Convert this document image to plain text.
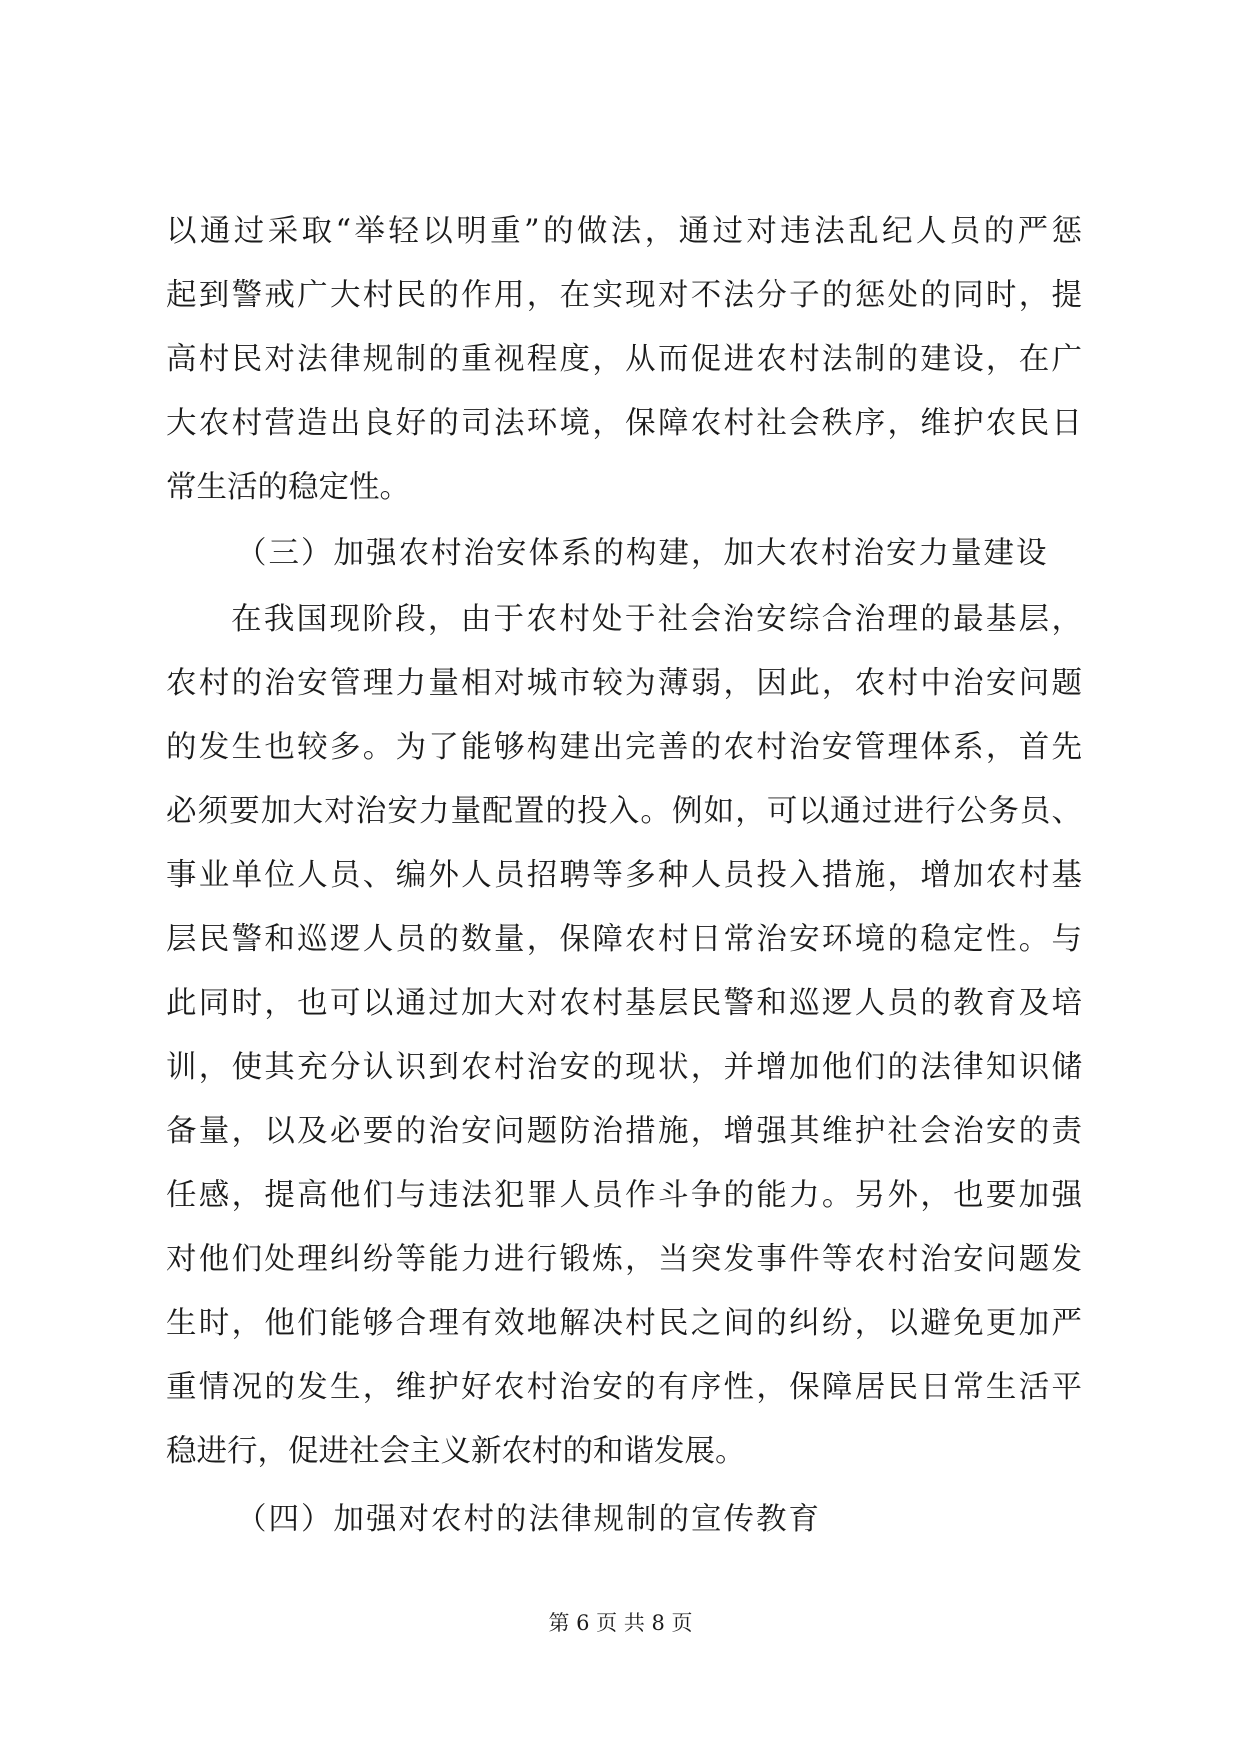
以通过采取“举轻以明重”的做法，通过对违法乱纪人员的严惩
起到警戒广大村民的作用，在实现对不法分子的惩处的同时，提
高村民对法律规制的重视程度，从而促进农村法制的建设，在广
大农村营造出良好的司法环境，保障农村社会秩序，维护农民日
常生活的稳定性。
（三）加强农村治安体系的构建，加大农村治安力量建设
在我国现阶段，由于农村处于社会治安综合治理的最基层，
农村的治安管理力量相对城市较为薄弱，因此，农村中治安问题
的发生也较多。为了能够构建出完善的农村治安管理体系，首先
必须要加大对治安力量配置的投入。例如，可以通过进行公务员、
事业单位人员、编外人员招聘等多种人员投入措施，增加农村基
层民警和巡逻人员的数量，保障农村日常治安环境的稳定性。与
此同时，也可以通过加大对农村基层民警和巡逻人员的教育及培
训，使其充分认识到农村治安的现状，并增加他们的法律知识储
备量，以及必要的治安问题防治措施，增强其维护社会治安的责
任感，提高他们与违法犯罪人员作斗争的能力。另外，也要加强
对他们处理纠纷等能力进行锻炼，当突发事件等农村治安问题发
生时，他们能够合理有效地解决村民之间的纠纷，以避免更加严
重情况的发生，维护好农村治安的有序性，保障居民日常生活平
稳进行，促进社会主义新农村的和谐发展。
（四）加强对农村的法律规制的宣传教育
第 6 页 共 8 页
